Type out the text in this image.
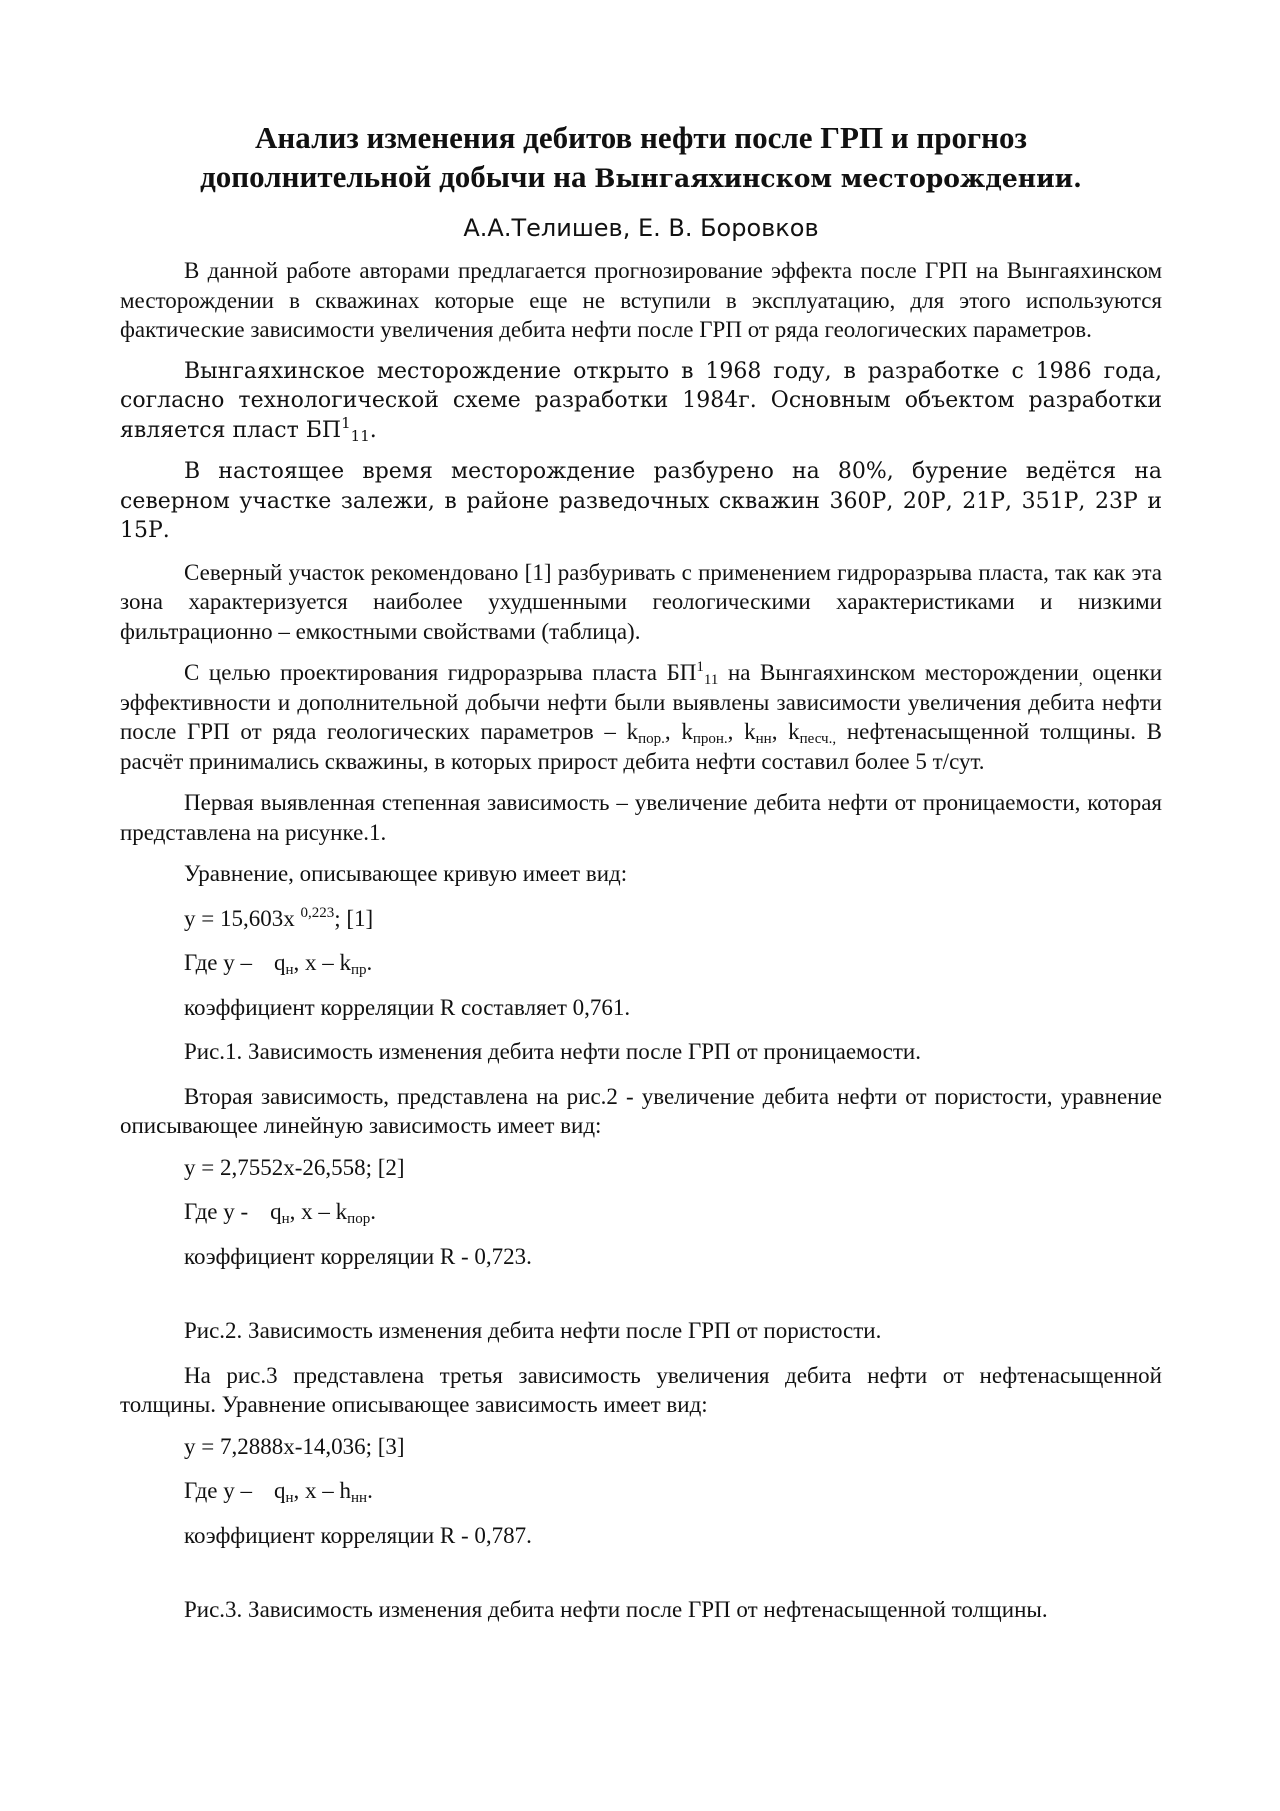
Анализ изменения дебитов нефти после ГРП и прогноз
дополнительной добычи на Вынгаяхинском месторождении.
А.А.Телишев, Е. В. Боровков

В данной работе авторами предлагается прогнозирование эффекта после ГРП на Вынгаяхинском месторождении в скважинах которые еще не вступили в эксплуатацию, для этого используются фактические зависимости увеличения дебита нефти после ГРП от ряда геологических параметров.

Вынгаяхинское месторождение открыто в 1968 году, в разработке с 1986 года, согласно технологической схеме разработки 1984г. Основным объектом разработки является пласт $БП^1_{11}$.

В настоящее время месторождение разбурено на 80%, бурение ведётся на северном участке залежи, в районе разведочных скважин 360Р, 20Р, 21Р, 351Р, 23Р и 15Р.

Северный участок рекомендовано [1] разбуривать с применением гидроразрыва пласта, так как эта зона характеризуется наиболее ухудшенными геологическими характеристиками и низкими фильтрационно – емкостными свойствами (таблица).

С целью проектирования гидроразрыва пласта $БП^1_{11}$ на Вынгаяхинском месторождении$_,$ оценки эффективности и дополнительной добычи нефти были выявлены зависимости увеличения дебита нефти после ГРП от ряда геологических параметров – $k_{пор.}$, $k_{прон.}$, $k_{нн}$, $k_{песч.,}$ нефтенасыщенной толщины. В расчёт принимались скважины, в которых прирост дебита нефти составил более 5 т/сут.

Первая выявленная степенная зависимость – увеличение дебита нефти от проницаемости, которая представлена на рисунке.1.

Уравнение, описывающее кривую имеет вид:
y = 15,603x $^{0,223}$; [1]
Где y – $q_н$, x – $k_{пр}$.
коэффициент корреляции R составляет 0,761.
Рис.1. Зависимость изменения дебита нефти после ГРП от проницаемости.

Вторая зависимость, представлена на рис.2 - увеличение дебита нефти от пористости, уравнение описывающее линейную зависимость имеет вид:

y = 2,7552x-26,558; [2]
Где y - $q_н$, x – $k_{пор}$.
коэффициент корреляции R - 0,723.
Рис.2. Зависимость изменения дебита нефти после ГРП от пористости.

На рис.3 представлена третья зависимость увеличения дебита нефти от нефтенасыщенной толщины. Уравнение описывающее зависимость имеет вид:

y = 7,2888x-14,036; [3]
Где y – $q_н$, x – $h_{нн}$.
коэффициент корреляции R - 0,787.
Рис.3. Зависимость изменения дебита нефти после ГРП от нефтенасыщенной толщины.
